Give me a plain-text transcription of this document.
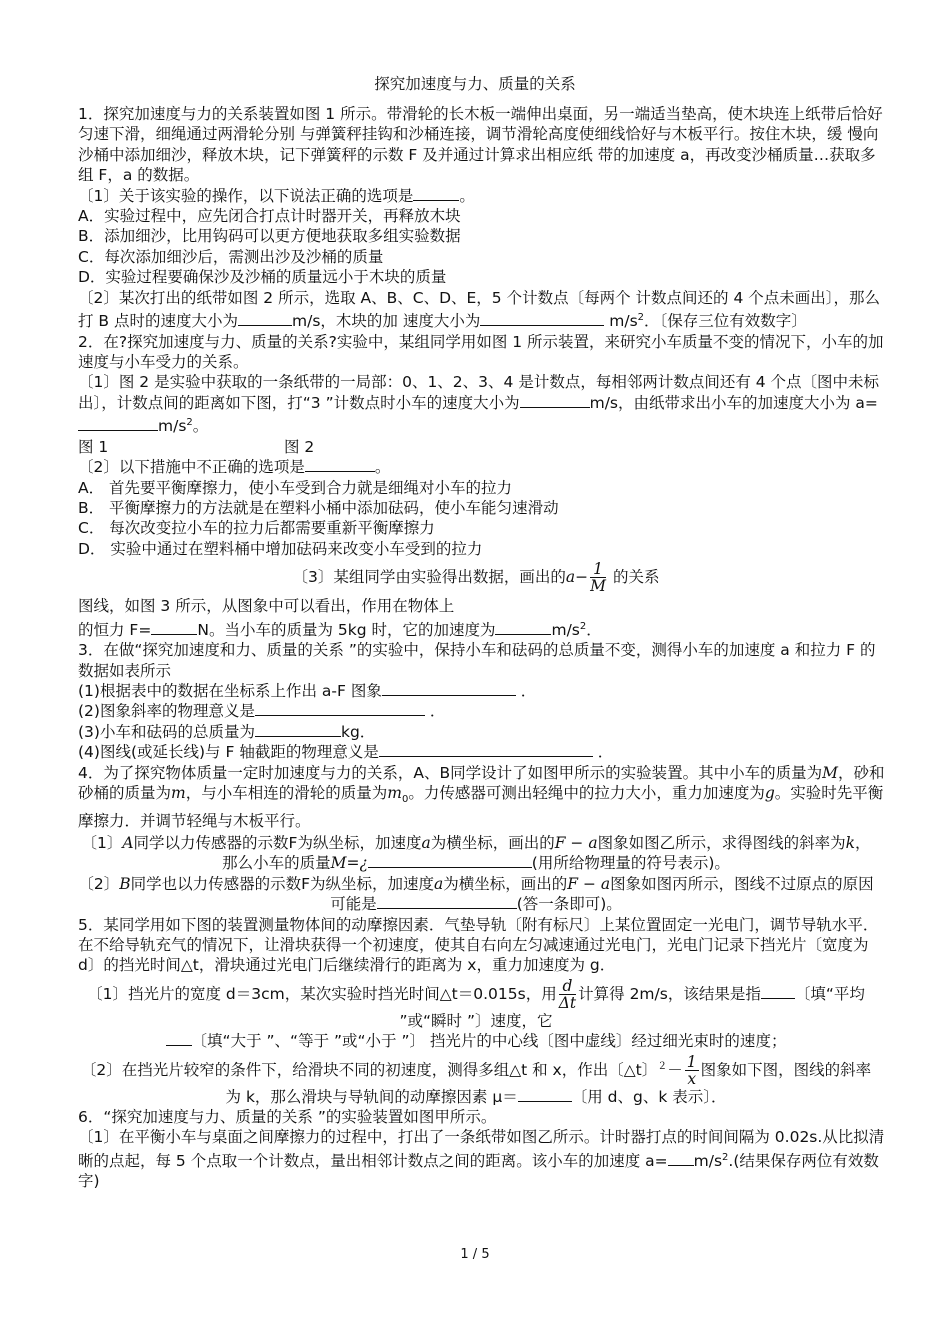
探究加速度与力、质量的关系

1．探究加速度与力的关系装置如图 1 所示。带滑轮的长木板一端伸出桌面，另一端适当垫高，使木块连上纸带后恰好匀速下滑，细绳通过两滑轮分别 与弹簧秤挂钩和沙桶连接，调节滑轮高度使细线恰好与木板平行。按住木块，缓 慢向沙桶中添加细沙，释放木块，记下弹簧秤的示数 F 及并通过计算求出相应纸 带的加速度 a，再改变沙桶质量…获取多组 F，a 的数据。

〔1〕关于该实验的操作，以下说法正确的选项是	。

A．实验过程中，应先闭合打点计时器开关，再释放木块

B．添加细沙，比用钩码可以更方便地获取多组实验数据

C．每次添加细沙后，需测出沙及沙桶的质量

D．实验过程要确保沙及沙桶的质量远小于木块的质量

〔2〕某次打出的纸带如图 2 所示，选取 A、B、C、D、E，5 个计数点〔每两个 计数点间还的 4 个点未画出〕，那么打 B 点时的速度大小为	m/s，木块的加 速度大小为	$m/s^2$．〔保存三位有效数字〕

2．在?探究加速度与力、质量的关系?实验中，某组同学用如图 1 所示装置，来研究小车质量不变的情况下，小车的加速度与小车受力的关系。

〔1〕图 2 是实验中获取的一条纸带的一局部：0、1、2、3、4 是计数点，每相邻两计数点间还有 4 个点〔图中未标出〕，计数点间的距离如下图，打“3 ”计数点时小车的速度大小为	m/s，由纸带求出小车的加速度大小为 $a=m/s^2$。

图 1	图 2

〔2〕以下措施中不正确的选项是	。

A． 首先要平衡摩擦力，使小车受到合力就是细绳对小车的拉力

B． 平衡摩擦力的方法就是在塑料小桶中添加砝码，使小车能匀速滑动

C． 每次改变拉小车的拉力后都需要重新平衡摩擦力

D． 实验中通过在塑料桶中增加砝码来改变小车受到的拉力

〔3〕某组同学由实验得出数据，画出的$a- \frac{1}{M}$ 的关系

图线，如图 3 所示，从图象中可以看出，作用在物体上

的恒力 F=	N。当小车的质量为 5kg 时，它的加速度为	$m/s^2$．

3．在做“探究加速度和力、质量的关系 ”的实验中，保持小车和砝码的总质量不变，测得小车的加速度 a 和拉力 F 的数据如表所示

(1)根据表中的数据在坐标系上作出 a-F 图象	．

(2)图象斜率的物理意义是	．

(3)小车和砝码的总质量为	kg．

(4)图线(或延长线)与 F 轴截距的物理意义是	．

4．为了探究物体质量一定时加速度与力的关系，A、B同学设计了如图甲所示的实验装置。其中小车的质量为M，砂和砂桶的质量为m，与小车相连的滑轮的质量为$m_0$。力传感器可测出轻绳中的拉力大小，重力加速度为g。实验时先平衡摩擦力．并调节轻绳与木板平行。

〔1〕A同学以力传感器的示数F为纵坐标，加速度a为横坐标，画出的F − a图象如图乙所示，求得图线的斜率为k，那么小车的质量M=¿	(用所给物理量的符号表示)。

〔2〕B同学也以力传感器的示数F为纵坐标，加速度a为横坐标，画出的F − a图象如图丙所示，图线不过原点的原因可能是	(答一条即可)。

5．某同学用如下图的装置测量物体间的动摩擦因素．气垫导轨〔附有标尺〕上某位置固定一光电门，调节导轨水平．在不给导轨充气的情况下，让滑块获得一个初速度，使其自右向左匀减速通过光电门，光电门记录下挡光片〔宽度为 d〕的挡光时间△t，滑块通过光电门后继续滑行的距离为 x，重力加速度为 g．

〔1〕挡光片的宽度 d＝3cm，某次实验时挡光时间△t＝0.015s，用 $\frac{d}{\Delta t}$ 计算得 2m/s，该结果是指 〔填“平均 ”或“瞬时 ”〕速度，它

〔填“大于 ”、“等于 ”或“小于 ”〕 挡光片的中心线〔图中虚线〕经过细光束时的速度；

〔2〕在挡光片较窄的条件下，给滑块不同的初速度，测得多组△t 和 x，作出〔△t〕$^2- \frac{1}{x}$ 图象如下图，图线的斜率为 k，那么滑块与导轨间的动摩擦因素 μ＝	〔用 d、g、k 表示〕．

6．“探究加速度与力、质量的关系 ”的实验装置如图甲所示。

〔1〕在平衡小车与桌面之间摩擦力的过程中，打出了一条纸带如图乙所示。计时器打点的时间间隔为 0.02s.从比拟清晰的点起，每 5 个点取一个计数点，量出相邻计数点之间的距离。该小车的加速度 $a= m/s^2$.(结果保存两位有效数字)

1 / 5
